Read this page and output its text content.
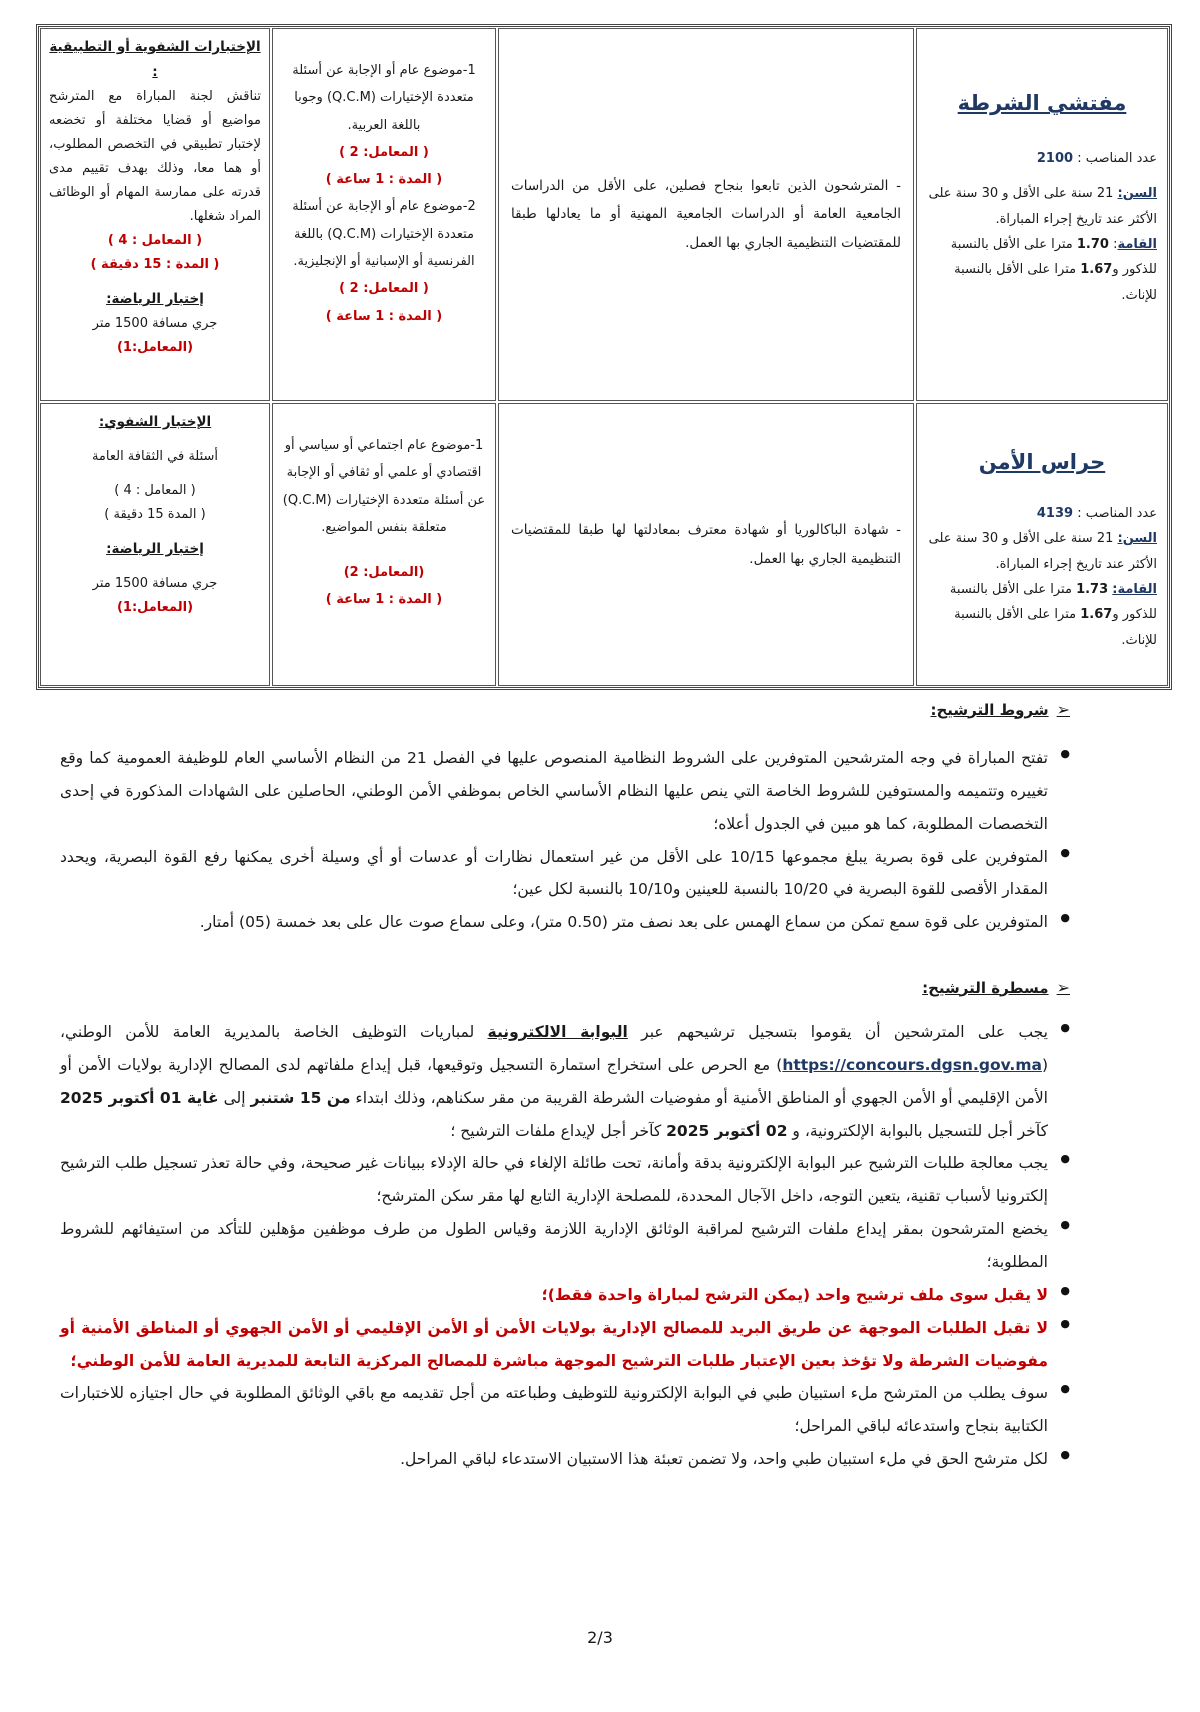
الإختبارات الشفوية أو التطبيقية :
تناقش لجنة المباراة مع المترشح مواضيع أو قضايا مختلفة أو تخضعه لإختبار تطبيقي في التخصص المطلوب، أو هما معا، وذلك بهدف تقييم مدى قدرته على ممارسة المهام أو الوظائف المراد شغلها.
( المعامل : 4 )
( المدة : 15 دقيقة )
إختبار الرياضة:
جري مسافة 1500 متر
(المعامل:1)
1-موضوع عام أو الإجابة عن أسئلة متعددة الإختيارات (Q.C.M) وجوبا باللغة العربية.
( المعامل: 2 )
( المدة : 1 ساعة )
2-موضوع عام أو الإجابة عن أسئلة متعددة الإختيارات (Q.C.M) باللغة الفرنسية أو الإسبانية أو الإنجليزية.
( المعامل: 2 )
( المدة : 1 ساعة )
- المترشحون الذين تابعوا بنجاح فصلين، على الأقل من الدراسات الجامعية العامة أو الدراسات الجامعية المهنية أو ما يعادلها طبقا للمقتضيات التنظيمية الجاري بها العمل.
مفتشي الشرطة
عدد المناصب : 2100
السن: 21 سنة على الأقل و 30 سنة على الأكثر عند تاريخ إجراء المباراة.
القامة: 1.70 مترا على الأقل بالنسبة للذكور و1.67 مترا على الأقل بالنسبة للإناث.
الإختبار الشفوي:
أسئلة في الثقافة العامة
( المعامل : 4 )
( المدة 15 دقيقة )
إختبار الرياضة:
جري مسافة 1500 متر
(المعامل:1)
1-موضوع عام اجتماعي أو سياسي أو اقتصادي أو علمي أو ثقافي أو الإجابة عن أسئلة متعددة الإختيارات (Q.C.M) متعلقة بنفس المواضيع.
(المعامل: 2)
( المدة : 1 ساعة )
- شهادة الباكالوريا أو شهادة معترف بمعادلتها لها طبقا للمقتضيات التنظيمية الجاري بها العمل.
حراس الأمن
عدد المناصب : 4139
السن: 21 سنة على الأقل و 30 سنة على الأكثر عند تاريخ إجراء المباراة.
القامة: 1.73 مترا على الأقل بالنسبة للذكور و1.67 مترا على الأقل بالنسبة للإناث.
➢
شروط الترشيح:
● تفتح المباراة في وجه المترشحين المتوفرين على الشروط النظامية المنصوص عليها في الفصل 21 من النظام الأساسي العام للوظيفة العمومية كما وقع تغييره وتتميمه والمستوفين للشروط الخاصة التي ينص عليها النظام الأساسي الخاص بموظفي الأمن الوطني، الحاصلين على الشهادات المذكورة في إحدى التخصصات المطلوبة، كما هو مبين في الجدول أعلاه؛
● المتوفرين على قوة بصرية يبلغ مجموعها 10/15 على الأقل من غير استعمال نظارات أو عدسات أو أي وسيلة أخرى يمكنها رفع القوة البصرية، ويحدد المقدار الأقصى للقوة البصرية في 10/20 بالنسبة للعينين و10/10 بالنسبة لكل عين؛
● المتوفرين على قوة سمع تمكن من سماع الهمس على بعد نصف متر (0.50 متر)، وعلى سماع صوت عال على بعد خمسة (05) أمتار.
➢
مسطرة الترشيح:
● يجب على المترشحين أن يقوموا بتسجيل ترشيحهم عبر البوابة الالكترونية لمباريات التوظيف الخاصة بالمديرية العامة للأمن الوطني، (https://concours.dgsn.gov.ma) مع الحرص على استخراج استمارة التسجيل وتوقيعها، قبل إيداع ملفاتهم لدى المصالح الإدارية بولايات الأمن أو الأمن الإقليمي أو الأمن الجهوي أو المناطق الأمنية أو مفوضيات الشرطة القريبة من مقر سكناهم، وذلك ابتداء من 15 شتنبر إلى غاية 01 أكتوبر 2025 كآخر أجل للتسجيل بالبوابة الإلكترونية، و 02 أكتوبر 2025 كآخر أجل لإيداع ملفات الترشيح ؛
● يجب معالجة طلبات الترشيح عبر البوابة الإلكترونية بدقة وأمانة، تحت طائلة الإلغاء في حالة الإدلاء ببيانات غير صحيحة، وفي حالة تعذر تسجيل طلب الترشيح إلكترونيا لأسباب تقنية، يتعين التوجه، داخل الآجال المحددة، للمصلحة الإدارية التابع لها مقر سكن المترشح؛
● يخضع المترشحون بمقر إيداع ملفات الترشيح لمراقبة الوثائق الإدارية اللازمة وقياس الطول من طرف موظفين مؤهلين للتأكد من استيفائهم للشروط المطلوبة؛
● لا يقبل سوى ملف ترشيح واحد (يمكن الترشح لمباراة واحدة فقط)؛
● لا تقبل الطلبات الموجهة عن طريق البريد للمصالح الإدارية بولايات الأمن أو الأمن الإقليمي أو الأمن الجهوي أو المناطق الأمنية أو مفوضيات الشرطة ولا تؤخذ بعين الإعتبار طلبات الترشيح الموجهة مباشرة للمصالح المركزية التابعة للمديرية العامة للأمن الوطني؛
● سوف يطلب من المترشح ملء استبيان طبي في البوابة الإلكترونية للتوظيف وطباعته من أجل تقديمه مع باقي الوثائق المطلوبة في حال اجتيازه للاختبارات الكتابية بنجاح واستدعائه لباقي المراحل؛
● لكل مترشح الحق في ملء استبيان طبي واحد، ولا تضمن تعبئة هذا الاستبيان الاستدعاء لباقي المراحل.
2/3
